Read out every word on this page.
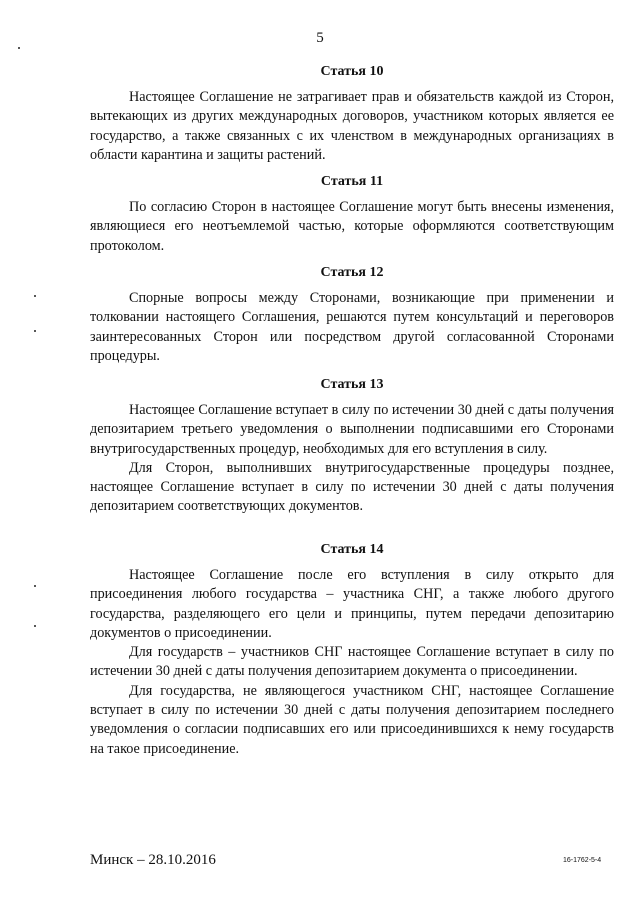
5
Статья 10

Настоящее Соглашение не затрагивает прав и обязательств каждой из Сторон, вытекающих из других международных договоров, участником которых является ее государство, а также связанных с их членством в международных организациях в области карантина и защиты растений.

Статья 11

По согласию Сторон в настоящее Соглашение могут быть внесены изменения, являющиеся его неотъемлемой частью, которые оформляются соответствующим протоколом.

Статья 12

Спорные вопросы между Сторонами, возникающие при применении и толковании настоящего Соглашения, решаются путем консультаций и переговоров заинтересованных Сторон или посредством другой согласованной Сторонами процедуры.

Статья 13

Настоящее Соглашение вступает в силу по истечении 30 дней с даты получения депозитарием третьего уведомления о выполнении подписавшими его Сторонами внутригосударственных процедур, необходимых для его вступления в силу.

Для Сторон, выполнивших внутригосударственные процедуры позднее, настоящее Соглашение вступает в силу по истечении 30 дней с даты получения депозитарием соответствующих документов.

Статья 14

Настоящее Соглашение после его вступления в силу открыто для присоединения любого государства – участника СНГ, а также любого другого государства, разделяющего его цели и принципы, путем передачи депозитарию документов о присоединении.

Для государств – участников СНГ настоящее Соглашение вступает в силу по истечении 30 дней с даты получения депозитарием документа о присоединении.

Для государства, не являющегося участником СНГ, настоящее Соглашение вступает в силу по истечении 30 дней с даты получения депозитарием последнего уведомления о согласии подписавших его или присоединившихся к нему государств на такое присоединение.

Минск – 28.10.2016	16-1762-5-4
